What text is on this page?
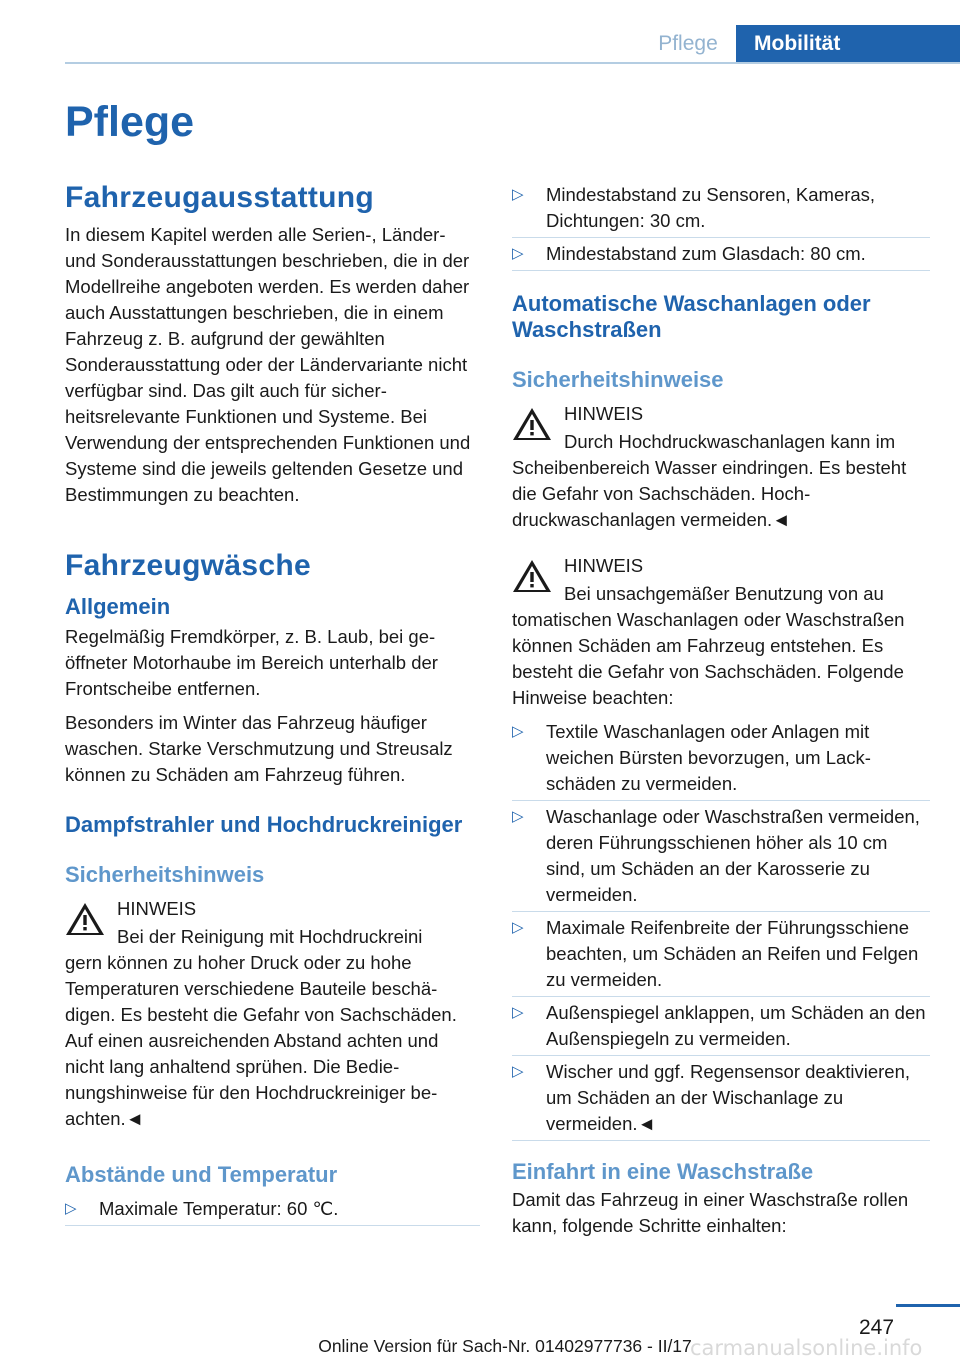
Pflege	Mobilität
Pflege
Fahrzeugausstattung

In diesem Kapitel werden alle Serien-, Länder- und Sonderausstattungen beschrieben, die in der Modellreihe angeboten werden. Es werden daher auch Ausstattungen beschrieben, die in einem Fahrzeug z. B. aufgrund der gewählten Sonderausstattung oder der Ländervariante nicht verfügbar sind. Das gilt auch für sicherheitsrelevante Funktionen und Systeme. Bei Verwendung der entsprechenden Funktionen und Systeme sind die jeweils geltenden Gesetze und Bestimmungen zu beachten.

Fahrzeugwäsche
Allgemein

Regelmäßig Fremdkörper, z. B. Laub, bei geöffneter Motorhaube im Bereich unterhalb der Frontscheibe entfernen.

Besonders im Winter das Fahrzeug häufiger waschen. Starke Verschmutzung und Streusalz können zu Schäden am Fahrzeug führen.

Dampfstrahler und Hochdruckreiniger
Sicherheitshinweis
HINWEIS
Bei der Reinigung mit Hochdruckreini
gern können zu hoher Druck oder zu hohe Temperaturen verschiedene Bauteile beschädigen. Es besteht die Gefahr von Sachschäden. Auf einen ausreichenden Abstand achten und nicht lang anhaltend sprühen. Die Bedienungshinweise für den Hochdruckreiniger beachten.◄
Abstände und Temperatur
▷ Maximale Temperatur: 60 ℃.
▷ Mindestabstand zu Sensoren, Kameras, Dichtungen: 30 cm.
▷ Mindestabstand zum Glasdach: 80 cm.
Automatische Waschanlagen oder Waschstraßen
Sicherheitshinweise
HINWEIS
Durch Hochdruckwaschanlagen kann im
Scheibenbereich Wasser eindringen. Es besteht die Gefahr von Sachschäden. Hochdruckwaschanlagen vermeiden.◄
HINWEIS
Bei unsachgemäßer Benutzung von au
tomatischen Waschanlagen oder Waschstraßen können Schäden am Fahrzeug entstehen. Es besteht die Gefahr von Sachschäden. Folgende Hinweise beachten:
▷ Textile Waschanlagen oder Anlagen mit weichen Bürsten bevorzugen, um Lackschäden zu vermeiden.
▷ Waschanlage oder Waschstraßen vermeiden, deren Führungsschienen höher als 10 cm sind, um Schäden an der Karosserie zu vermeiden.
▷ Maximale Reifenbreite der Führungsschiene beachten, um Schäden an Reifen und Felgen zu vermeiden.
▷ Außenspiegel anklappen, um Schäden an den Außenspiegeln zu vermeiden.
▷ Wischer und ggf. Regensensor deaktivieren, um Schäden an der Wischanlage zu vermeiden.◄
Einfahrt in eine Waschstraße

Damit das Fahrzeug in einer Waschstraße rollen kann, folgende Schritte einhalten:

247
Online Version für Sach-Nr. 01402977736 - II/17
carmanualsonline.info
